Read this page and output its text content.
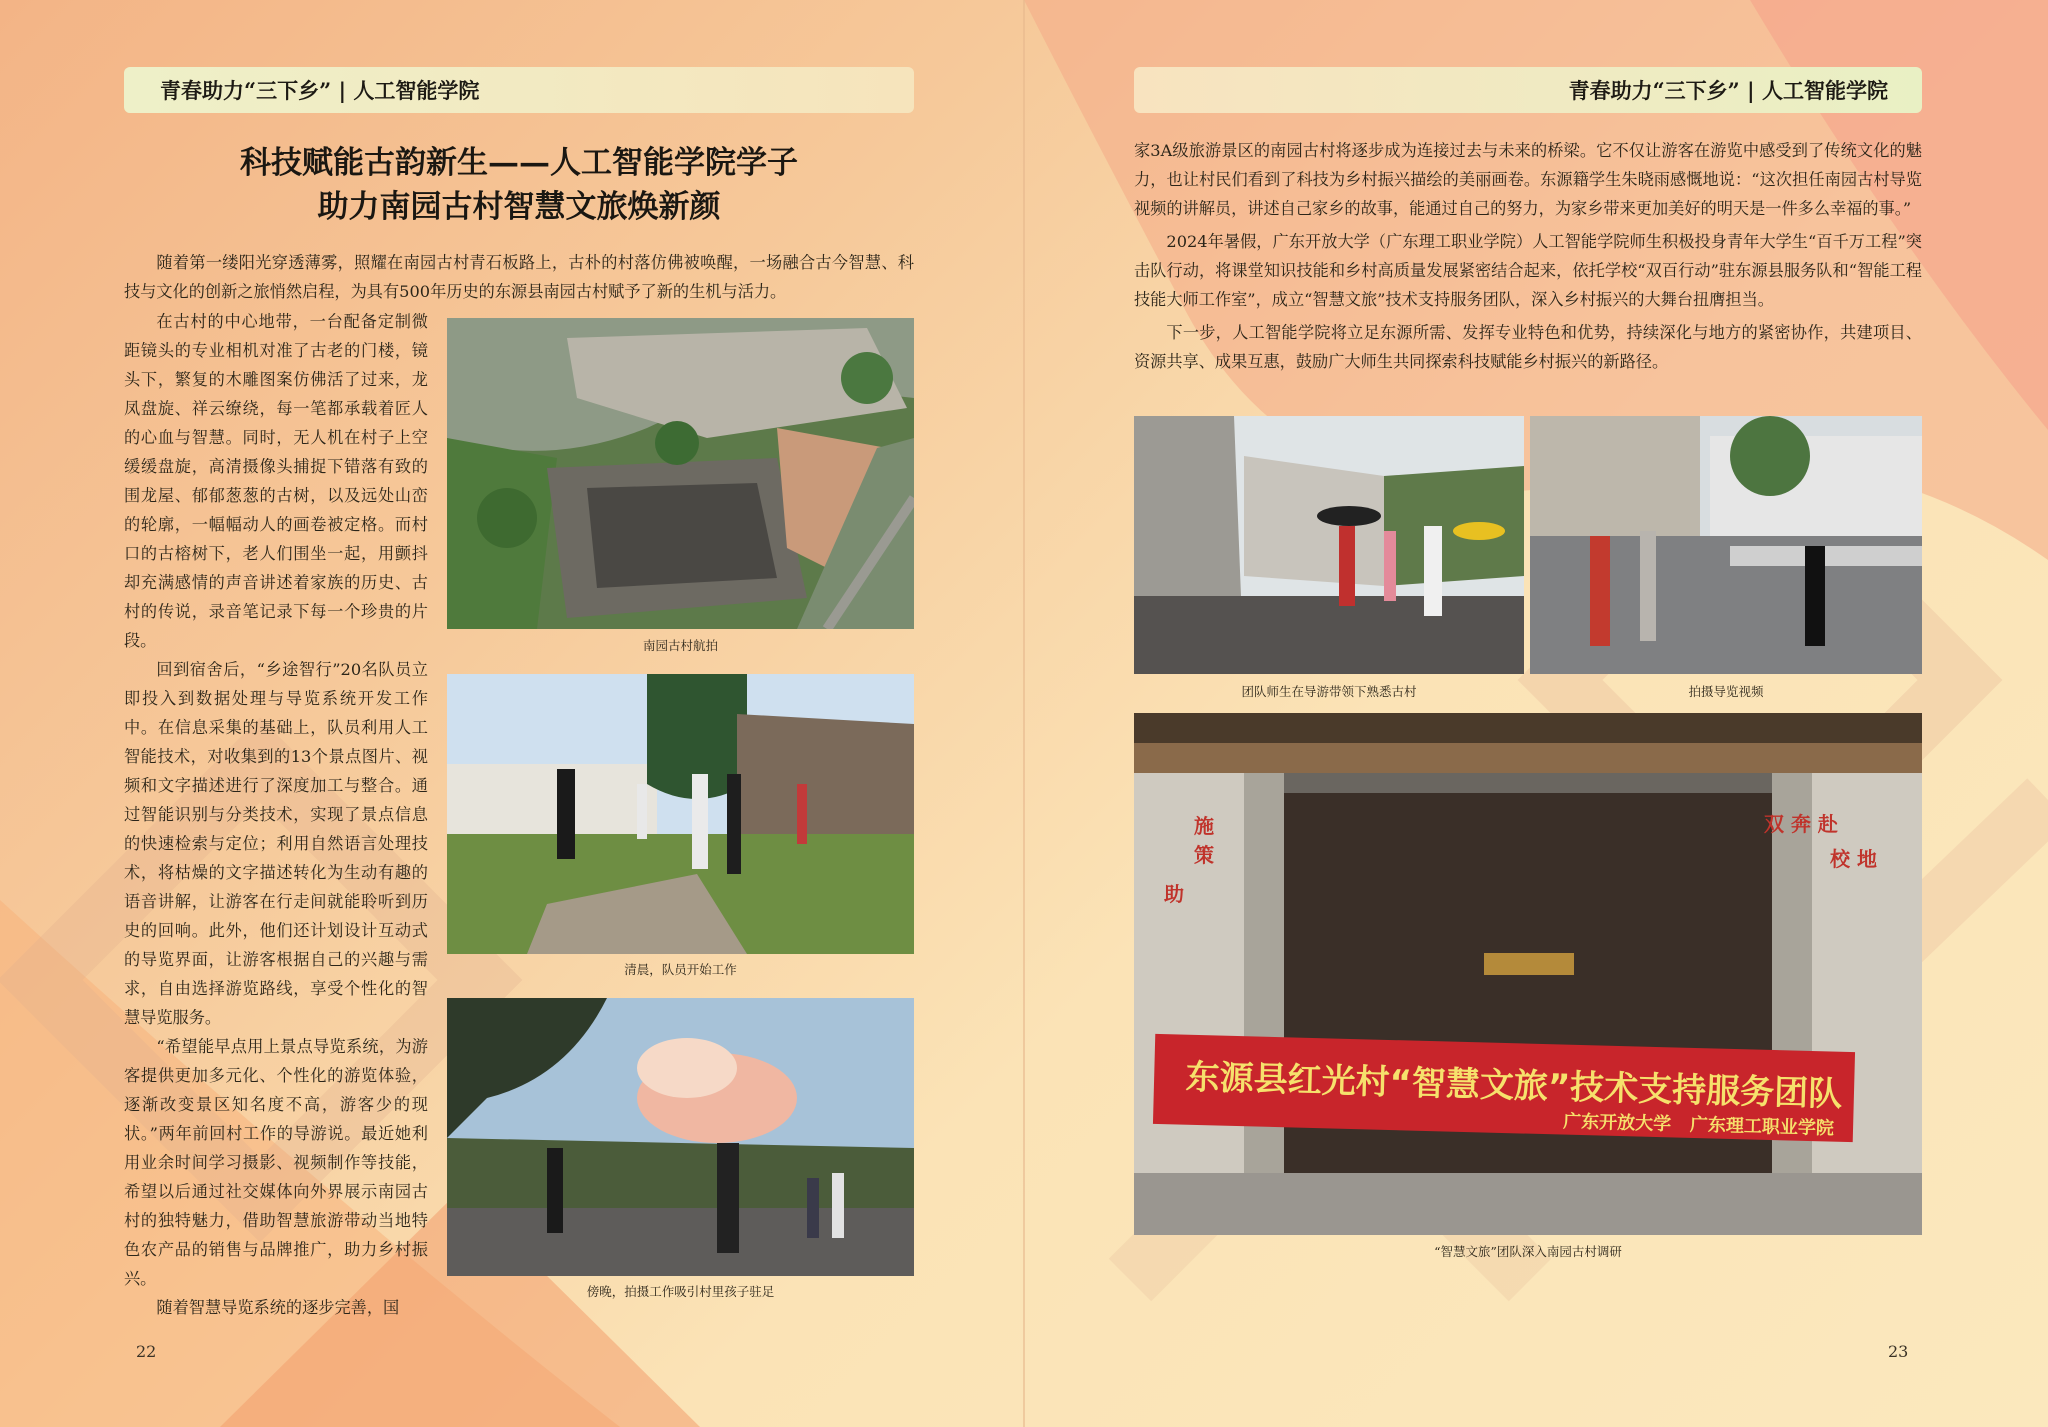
青春助力“三下乡” | 人工智能学院
科技赋能古韵新生——人工智能学院学子
助力南园古村智慧文旅焕新颜

随着第一缕阳光穿透薄雾，照耀在南园古村青石板路上，古朴的村落仿佛被唤醒，一场融合古今智慧、科技与文化的创新之旅悄然启程，为具有500年历史的东源县南园古村赋予了新的生机与活力。

在古村的中心地带，一台配备定制微距镜头的专业相机对准了古老的门楼，镜头下，繁复的木雕图案仿佛活了过来，龙凤盘旋、祥云缭绕，每一笔都承载着匠人的心血与智慧。同时，无人机在村子上空缓缓盘旋，高清摄像头捕捉下错落有致的围龙屋、郁郁葱葱的古树，以及远处山峦的轮廓，一幅幅动人的画卷被定格。而村口的古榕树下，老人们围坐一起，用颤抖却充满感情的声音讲述着家族的历史、古村的传说，录音笔记录下每一个珍贵的片段。

回到宿舍后，“乡途智行”20名队员立即投入到数据处理与导览系统开发工作中。在信息采集的基础上，队员利用人工智能技术，对收集到的13个景点图片、视频和文字描述进行了深度加工与整合。通过智能识别与分类技术，实现了景点信息的快速检索与定位；利用自然语言处理技术，将枯燥的文字描述转化为生动有趣的语音讲解，让游客在行走间就能聆听到历史的回响。此外，他们还计划设计互动式的导览界面，让游客根据自己的兴趣与需求，自由选择游览路线，享受个性化的智慧导览服务。

“希望能早点用上景点导览系统，为游客提供更加多元化、个性化的游览体验，逐渐改变景区知名度不高，游客少的现状。”两年前回村工作的导游说。最近她利用业余时间学习摄影、视频制作等技能，希望以后通过社交媒体向外界展示南园古村的独特魅力，借助智慧旅游带动当地特色农产品的销售与品牌推广，助力乡村振兴。

随着智慧导览系统的逐步完善，国

南园古村航拍
清晨，队员开始工作
傍晚，拍摄工作吸引村里孩子驻足
22
青春助力“三下乡” | 人工智能学院

家3A级旅游景区的南园古村将逐步成为连接过去与未来的桥梁。它不仅让游客在游览中感受到了传统文化的魅力，也让村民们看到了科技为乡村振兴描绘的美丽画卷。东源籍学生朱晓雨感慨地说：“这次担任南园古村导览视频的讲解员，讲述自己家乡的故事，能通过自己的努力，为家乡带来更加美好的明天是一件多么幸福的事。”

2024年暑假，广东开放大学（广东理工职业学院）人工智能学院师生积极投身青年大学生“百千万工程”突击队行动，将课堂知识技能和乡村高质量发展紧密结合起来，依托学校“双百行动”驻东源县服务队和“智能工程技能大师工作室”，成立“智慧文旅”技术支持服务团队，深入乡村振兴的大舞台扭膺担当。

下一步，人工智能学院将立足东源所需、发挥专业特色和优势，持续深化与地方的紧密协作，共建项目、资源共享、成果互惠，鼓励广大师生共同探索科技赋能乡村振兴的新路径。

团队师生在导游带领下熟悉古村	拍摄导览视频
施 策
助
双 奔 赴
校 地
东源县红光村“智慧文旅”技术支持服务团队
广东开放大学   广东理工职业学院
“智慧文旅”团队深入南园古村调研
23
